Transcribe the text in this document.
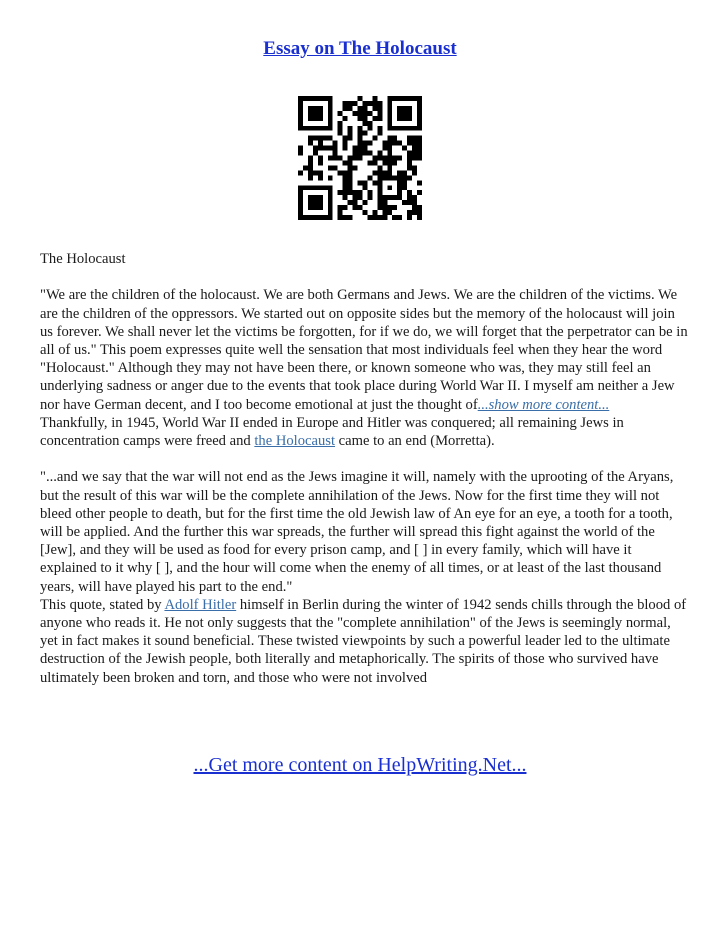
Essay on The Holocaust

The Holocaust

"We are the children of the holocaust. We are both Germans and Jews. We are the children of the victims. We are the children of the oppressors. We started out on opposite sides but the memory of the holocaust will join us forever. We shall never let the victims be forgotten, for if we do, we will forget that the perpetrator can be in all of us." This poem expresses quite well the sensation that most individuals feel when they hear the word "Holocaust." Although they may not have been there, or known someone who was, they may still feel an underlying sadness or anger due to the events that took place during World War II. I myself am neither a Jew nor have German decent, and I too become emotional at just the thought of...show more content...

Thankfully, in 1945, World War II ended in Europe and Hitler was conquered; all remaining Jews in concentration camps were freed and the Holocaust came to an end (Morretta).

"...and we say that the war will not end as the Jews imagine it will, namely with the uprooting of the Aryans, but the result of this war will be the complete annihilation of the Jews. Now for the first time they will not bleed other people to death, but for the first time the old Jewish law of An eye for an eye, a tooth for a tooth, will be applied. And the further this war spreads, the further will spread this fight against the world of the [Jew], and they will be used as food for every prison camp, and [ ] in every family, which will have it explained to it why [ ], and the hour will come when the enemy of all times, or at least of the last thousand years, will have played his part to the end."

This quote, stated by Adolf Hitler himself in Berlin during the winter of 1942 sends chills through the blood of anyone who reads it. He not only suggests that the "complete annihilation" of the Jews is seemingly normal, yet in fact makes it sound beneficial. These twisted viewpoints by such a powerful leader led to the ultimate destruction of the Jewish people, both literally and metaphorically. The spirits of those who survived have ultimately been broken and torn, and those who were not involved

...Get more content on HelpWriting.Net...
